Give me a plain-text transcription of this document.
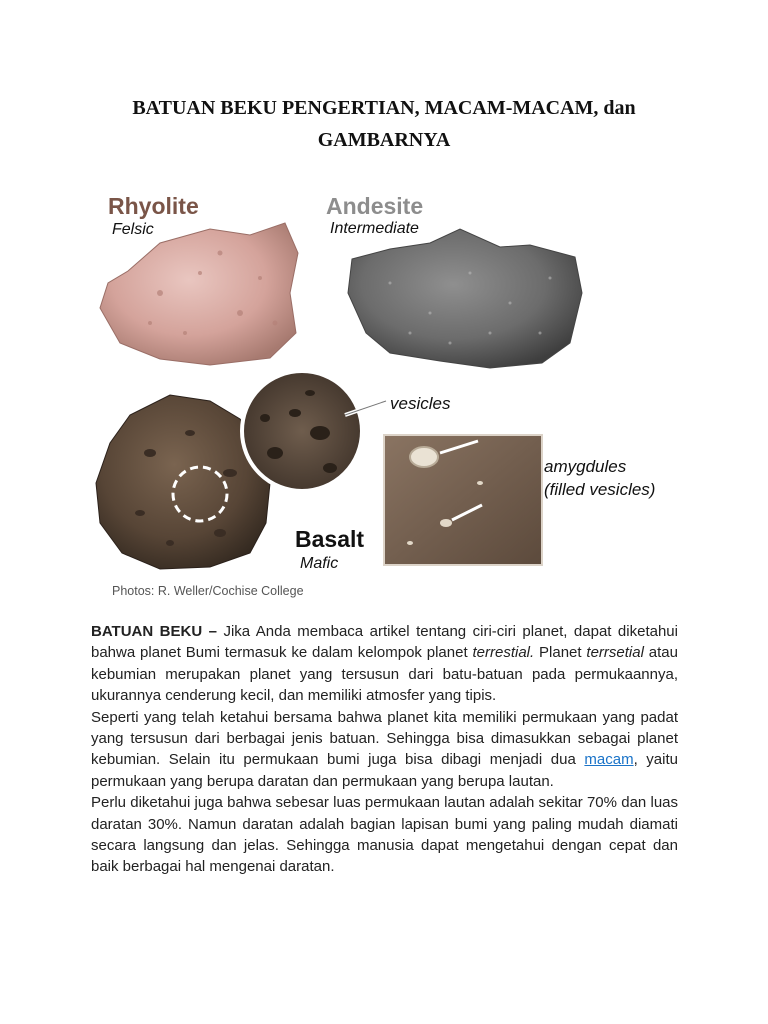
BATUAN BEKU PENGERTIAN, MACAM-MACAM, dan
GAMBARNYA

Rhyolite

Felsic

Andesite

Intermediate

Basalt

Mafic

vesicles

amygdules

(filled vesicles)

Photos: R. Weller/Cochise College

BATUAN BEKU – Jika Anda membaca artikel tentang ciri-ciri planet, dapat diketahui bahwa planet Bumi termasuk ke dalam kelompok planet terrestial. Planet terrsetial atau kebumian merupakan planet yang tersusun dari batu-batuan pada permukaannya, ukurannya cenderung kecil, dan memiliki atmosfer yang tipis.

Seperti yang telah ketahui bersama bahwa planet kita memiliki permukaan yang padat yang tersusun dari berbagai jenis batuan. Sehingga bisa dimasukkan sebagai planet kebumian. Selain itu permukaan bumi juga bisa dibagi menjadi dua macam, yaitu permukaan yang berupa daratan dan permukaan yang berupa lautan.

Perlu diketahui juga bahwa sebesar luas permukaan lautan adalah sekitar 70% dan luas daratan 30%. Namun daratan adalah bagian lapisan bumi yang paling mudah diamati secara langsung dan jelas. Sehingga manusia dapat mengetahui dengan cepat dan baik berbagai hal mengenai daratan.
